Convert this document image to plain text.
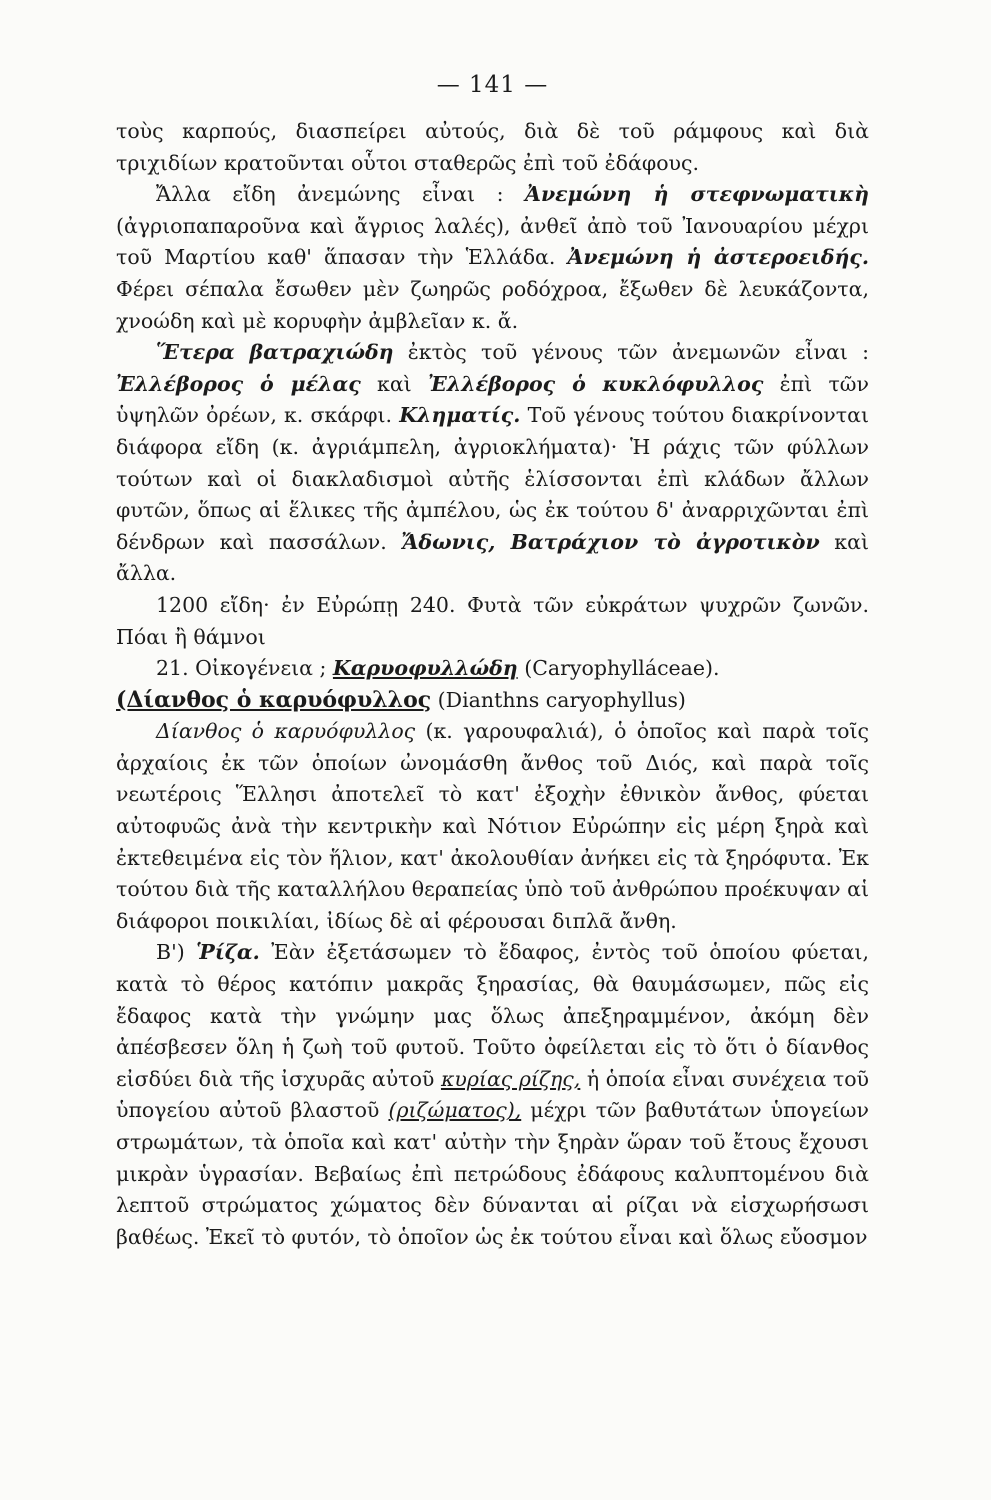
— 141 —

τοὺς καρπούς, διασπείρει αὐτούς, διὰ δὲ τοῦ ράμφους καὶ διὰ τριχιδίων κρατοῦνται οὗτοι σταθερῶς ἐπὶ τοῦ ἐδάφους.

Ἄλλα εἴδη ἀνεμώνης εἶναι : Ἀνεμώνη ἡ στεφνωματικὴ (ἀγριοπαπαροῦνα καὶ ἄγριος λαλές), ἀνθεῖ ἀπὸ τοῦ Ἰανουαρίου μέχρι τοῦ Μαρτίου καθ' ἅπασαν τὴν Ἑλλάδα. Ἀνεμώνη ἡ ἀστεροειδής. Φέρει σέπαλα ἔσωθεν μὲν ζωηρῶς ροδόχροα, ἔξωθεν δὲ λευκάζοντα, χνοώδη καὶ μὲ κορυφὴν ἀμβλεῖαν κ. ἄ.

Ἕτερα βατραχιώδη ἐκτὸς τοῦ γένους τῶν ἀνεμωνῶν εἶναι : Ἐλλέβορος ὁ μέλας καὶ Ἐλλέβορος ὁ κυκλόφυλλος ἐπὶ τῶν ὑψηλῶν ὀρέων, κ. σκάρφι. Κληματίς. Τοῦ γένους τούτου διακρίνονται διάφορα εἴδη (κ. ἀγριάμπελη, ἀγριοκλήματα)· Ἡ ράχις τῶν φύλλων τούτων καὶ οἱ διακλαδισμοὶ αὐτῆς ἑλίσσονται ἐπὶ κλάδων ἄλλων φυτῶν, ὅπως αἱ ἕλικες τῆς ἀμπέλου, ὡς ἐκ τούτου δ' ἀναρριχῶνται ἐπὶ δένδρων καὶ πασσάλων. Ἄδωνις, Βατράχιον τὸ ἀγροτικὸν καὶ ἄλλα.

1200 εἴδη· ἐν Εὐρώπῃ 240. Φυτὰ τῶν εὐκράτων ψυχρῶν ζωνῶν. Πόαι ἢ θάμνοι

21. Οἰκογένεια ; Καρυοφυλλώδη (Caryophylláceae).

(Δίανθος ὁ καρυόφυλλος (Dianthns caryophyllus)

Δίανθος ὁ καρυόφυλλος (κ. γαρουφαλιά), ὁ ὁποῖος καὶ παρὰ τοῖς ἀρχαίοις ἐκ τῶν ὁποίων ὠνομάσθη ἄνθος τοῦ Διός, καὶ παρὰ τοῖς νεωτέροις Ἕλλησι ἀποτελεῖ τὸ κατ' ἐξοχὴν ἐθνικὸν ἄνθος, φύεται αὐτοφυῶς ἀνὰ τὴν κεντρικὴν καὶ Νότιον Εὐρώπην εἰς μέρη ξηρὰ καὶ ἐκτεθειμένα εἰς τὸν ἥλιον, κατ' ἀκολουθίαν ἀνήκει εἰς τὰ ξηρόφυτα. Ἐκ τούτου διὰ τῆς καταλλήλου θεραπείας ὑπὸ τοῦ ἀνθρώπου προέκυψαν αἱ διάφοροι ποικιλίαι, ἰδίως δὲ αἱ φέρουσαι διπλᾶ ἄνθη.

Β') Ῥίζα. Ἐὰν ἐξετάσωμεν τὸ ἔδαφος, ἐντὸς τοῦ ὁποίου φύεται, κατὰ τὸ θέρος κατόπιν μακρᾶς ξηρασίας, θὰ θαυμάσωμεν, πῶς εἰς ἔδαφος κατὰ τὴν γνώμην μας ὅλως ἀπεξηραμμένον, ἀκόμη δὲν ἀπέσβεσεν ὅλη ἡ ζωὴ τοῦ φυτοῦ. Τοῦτο ὀφείλεται εἰς τὸ ὅτι ὁ δίανθος εἰσδύει διὰ τῆς ἰσχυρᾶς αὐτοῦ κυρίας ρίζης, ἡ ὁποία εἶναι συνέχεια τοῦ ὑπογείου αὐτοῦ βλαστοῦ (ριζώματος), μέχρι τῶν βαθυτάτων ὑπογείων στρωμάτων, τὰ ὁποῖα καὶ κατ' αὐτὴν τὴν ξηρὰν ὥραν τοῦ ἔτους ἔχουσι μικρὰν ὑγρασίαν. Βεβαίως ἐπὶ πετρώδους ἐδάφους καλυπτομένου διὰ λεπτοῦ στρώματος χώματος δὲν δύνανται αἱ ρίζαι νὰ εἰσχωρήσωσι βαθέως. Ἐκεῖ τὸ φυτόν, τὸ ὁποῖον ὡς ἐκ τούτου εἶναι καὶ ὅλως εὔοσμον
